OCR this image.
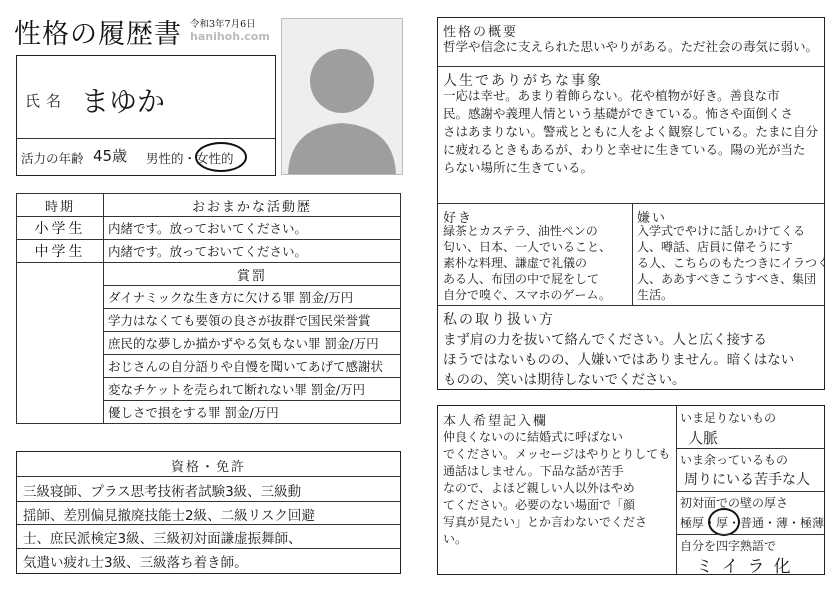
性格の履歴書 令和3年7月6日
hanihoh.com
氏名 まゆか
活力の年齢 45歳 男性的・女性的
時期	おおまかな活動歴
小学生	内緒です。放っておいてください。
中学生	内緒です。放っておいてください。
	賞罰
	ダイナミックな生き方に欠ける罪 罰金/万円
	学力はなくても要領の良さが抜群で国民栄誉賞
	庶民的な夢しか描かずやる気もない罪 罰金/万円
	おじさんの自分語りや自慢を聞いてあげて感謝状
	変なチケットを売られて断れない罪 罰金/万円
	優しさで損をする罪 罰金/万円
資格・免許
三級寝師、プラス思考技術者試験3級、三級動
揺師、差別偏見撤廃技能士2級、二級リスク回避
士、庶民派検定3級、三級初対面謙虚振舞師、
気遣い疲れ士3級、三級落ち着き師。
性格の概要
哲学や信念に支えられた思いやりがある。ただ社会の毒気に弱い。
人生でありがちな事象
一応は幸せ。あまり着飾らない。花や植物が好き。善良な市
民。感謝や義理人情という基礎ができている。怖さや面倒くさ
さはあまりない。警戒とともに人をよく観察している。たまに自分
に疲れるときもあるが、わりと幸せに生きている。陽の光が当た
らない場所に生きている。
好き
緑茶とカステラ、油性ペンの
匂い、日本、一人でいること、
素朴な料理、謙虚で礼儀の
ある人、布団の中で屁をして
自分で嗅ぐ、スマホのゲーム。
嫌い
入学式でやけに話しかけてくる
人、噂話、店員に偉そうにす
る人、こちらのもたつきにイラつく
人、ああすべきこうすべき、集団
生活。
私の取り扱い方
まず肩の力を抜いて絡んでください。人と広く接する
ほうではないものの、人嫌いではありません。暗くはない
ものの、笑いは期待しないでください。
本人希望記入欄
仲良くないのに結婚式に呼ばない
でください。メッセージはやりとりしても
通話はしません。下品な話が苦手
なので、よほど親しい人以外はやめ
てください。必要のない場面で「顔
写真が見たい」とか言わないでくださ
い。
いま足りないもの
人脈
いま余っているもの
周りにいる苦手な人
初対面での壁の厚さ
極厚・厚・普通・薄・極薄
自分を四字熟語で
ミイラ化
